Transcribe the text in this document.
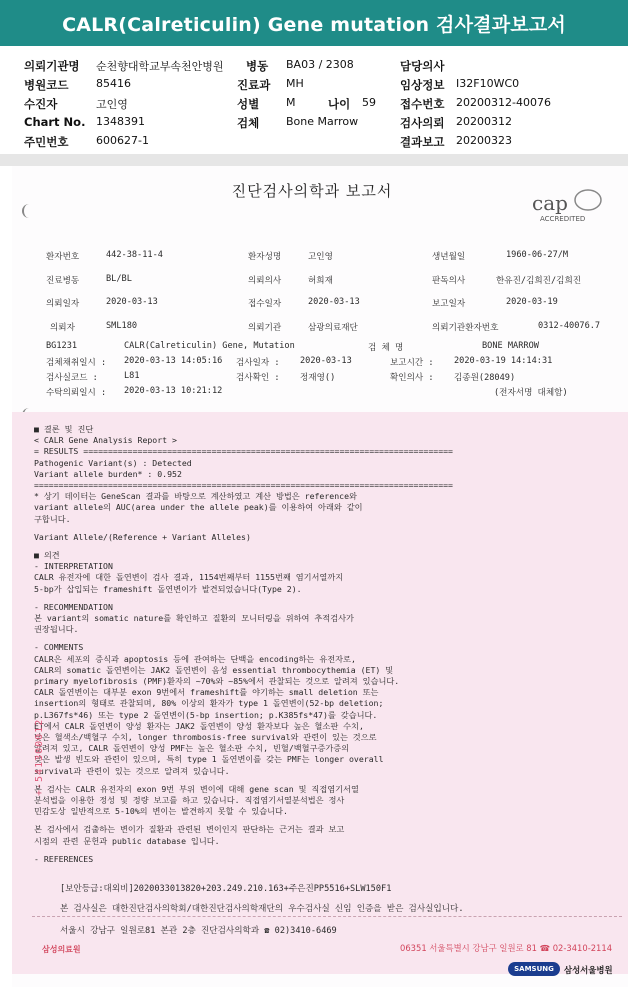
CALR(Calreticulin) Gene mutation 검사결과보고서
의뢰기관명 순천향대학교부속천안병원 병동 BA03 / 2308	담당의사
병원코드	85416	진료과 MH	임상정보 I32F10WC0
수진자	고인영	성별 M	나이 59 접수번호 20200312-40076
Chart No. 1348391	검체 Bone Marrow	검사의뢰 20200312
주민번호	600627-1	결과보고 20200323
진단검사의학과 보고서	cap
ACCREDITED
환자번호	442-38-11-4	환자성명	고인영	생년월일	1960-06-27/M
진료병동	BL/BL	의뢰의사	허희재	판독의사	한유진/김희진/김희진
의뢰일자	2020-03-13	접수일자	2020-03-13	보고일자	2020-03-19
의뢰자	SML180	의뢰기관	삼광의료재단	의뢰기관환자번호	0312-40076.7
BG1231	CALR(Calreticulin) Gene, Mutation	검 체 명	BONE MARROW
검체채취일시 : 2020-03-13 14:05:16 검사일자 : 2020-03-13	보고시간 : 2020-03-19 14:14:31
검사실코드 :	L81	검사확인 : 정재영()	확인의사 : 김종원(28049)
수탁의뢰일시 : 2020-03-13 10:21:12	(전자서명 대체함)
■ 결론 및 진단
< CALR Gene Analysis Report >
= RESULTS ===========================================================================
Pathogenic Variant(s) : Detected
Variant allele burden* : 0.952
=====================================================================================
* 상기 데이터는 GeneScan 결과를 바탕으로 계산하였고 계산 방법은 reference와
variant allele의 AUC(area under the allele peak)를 이용하여 아래와 같이
구합니다.
Variant Allele/(Reference + Variant Alleles)
■ 의견
- INTERPRETATION
CALR 유전자에 대한 돌연변이 검사 결과, 1154번째부터 1155번째 염기서열까지
5-bp가 삽입되는 frameshift 돌연변이가 발견되었습니다(Type 2).
- RECOMMENDATION
본 variant의 somatic nature를 확인하고 질환의 모니터링을 위하여 추적검사가
권장됩니다.
- COMMENTS
CALR은 세포의 증식과 apoptosis 등에 관여하는 단백을 encoding하는 유전자로,
CALR의 somatic 돌연변이는 JAK2 돌연변이 음성 essential thrombocythemia (ET) 및
primary myelofibrosis (PMF)환자의 ~70%와 ~85%에서 관찰되는 것으로 알려져 있습니다.
CALR 돌연변이는 대부분 exon 9번에서 frameshift를 야기하는 small deletion 또는
insertion의 형태로 관찰되며, 80% 이상의 환자가 type 1 돌연변이(52-bp deletion;
p.L367fs*46) 또는 type 2 돌연변이(5-bp insertion; p.K385fs*47)를 갖습니다.
ET에서 CALR 돌연변이 양성 환자는 JAK2 돌연변이 양성 환자보다 높은 혈소판 수치,
낮은 혈색소/백혈구 수치, longer thrombosis-free survival와 관련이 있는 것으로
알려져 있고, CALR 돌연변이 양성 PMF는 높은 혈소판 수치, 빈혈/백혈구증가증의
낮은 발생 빈도와 관련이 있으며, 특히 type 1 돌연변이를 갖는 PMF는 longer overall
survival과 관련이 있는 것으로 알려져 있습니다.
본 검사는 CALR 유전자의 exon 9번 부위 변이에 대해 gene scan 및 직접염기서열
분석법을 이용한 정성 및 정량 보고를 하고 있습니다. 직접염기서열분석법은 정사
민감도상 일반적으로 5-10%의 변이는 발견하지 못할 수 있습니다.
본 검사에서 검출하는 변이가 질환과 관련된 변이인지 판단하는 근거는 결과 보고
시점의 관련 문헌과 public database 입니다.
- REFERENCES
+-541300012
[보안등급:대외비]2020033013820+203.249.210.163+주은진PP5516+SLW150F1
본 검사실은 대한진단검사의학회/대한진단검사의학재단의 우수검사실 신임 인증을 받은 검사실입니다.
서울시 강남구 일원로81 본관 2층 진단검사의학과 ☎ 02)3410-6469
삼성의료원	06351 서울특별시 강남구 일원로 81 ☎ 02-3410-2114
SAMSUNG 삼성서울병원
